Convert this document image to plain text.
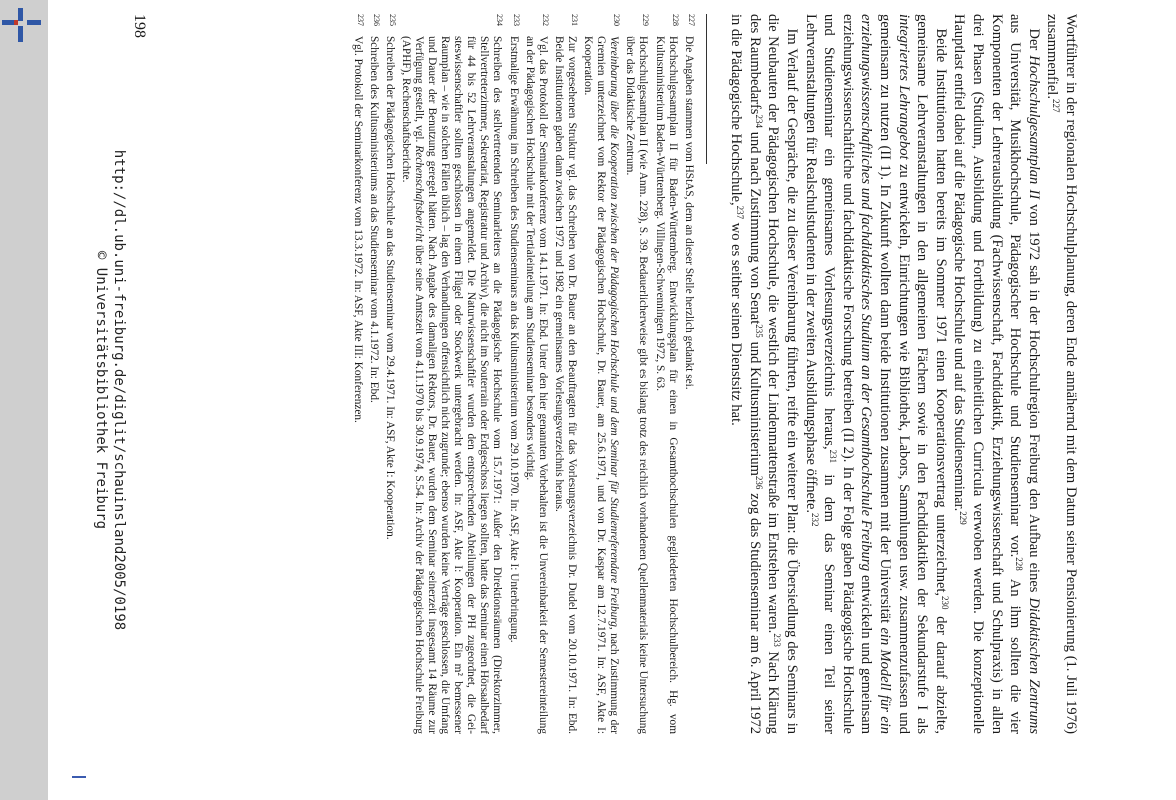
Wortführer in der regionalen Hochschulplanung, deren Ende annähernd mit dem Datum seiner Pensionierung (1. Juli 1976) zusammenfiel.$^{227}$

Der Hochschulgesamtplan II von 1972 sah in der Hochschulregion Freiburg den Aufbau eines Didaktischen Zentrums aus Universität, Musikhochschule, Pädagogischer Hochschule und Studienseminar vor.$^{228}$ An ihm sollten die vier Komponenten der Lehrerausbildung (Fachwissenschaft, Fachdidaktik, Erziehungswissenschaft und Schulpraxis) in allen drei Phasen (Studium, Ausbildung und Fortbildung) zu einheitlichen Curricula verwoben werden. Die konzeptionelle Hauptlast entfiel dabei auf die Pädagogische Hochschule und auf das Studienseminar.$^{229}$

Beide Institutionen hatten bereits im Sommer 1971 einen Kooperationsvertrag unterzeichnet,$^{230}$ der darauf abzielte, gemeinsame Lehrveranstaltungen in den allgemeinen Fächern sowie in den Fachdidaktiken der Sekundarstufe I als integriertes Lehrangebot zu entwickeln, Einrichtungen wie Bibliothek, Labors, Sammlungen usw. zusammenzufassen und gemeinsam zu nutzen (II 1). In Zukunft wollten dann beide Institutionen zusammen mit der Universität ein Modell für ein erziehungswissenschaftliches und fachdidaktisches Studium an der Gesamthochschule Freiburg entwickeln und gemeinsam erziehungswissenschaftliche und fachdidaktische Forschung betreiben (II 2). In der Folge gaben Pädagogische Hochschule und Studienseminar ein gemeinsames Vorlesungsverzeichnis heraus,$^{231}$ in dem das Seminar einen Teil seiner Lehrveranstaltungen für Realschulstudenten in der zweiten Ausbildungsphase öffnete.$^{232}$

Im Verlauf der Gespräche, die zu dieser Vereinbarung führten, reifte ein weiterer Plan: die Übersiedlung des Seminars in die Neubauten der Pädagogischen Hochschule, die westlich der Lindenmattenstraße im Entstehen waren.$^{233}$ Nach Klärung des Raumbedarfs$^{234}$ und nach Zustimmung von Senat$^{235}$ und Kultusministerium$^{236}$ zog das Studienseminar am 6. April 1972 in die Pädagogische Hochschule,$^{237}$ wo es seither seinen Dienstsitz hat.

227Die Angaben stammen vom HStAS, dem an dieser Stelle herzlich gedankt sei.

228Hochschulgesamtplan II für Baden-Württemberg. Entwicklungsplan für einen in Gesamthochschulen gegliederten Hochschulbereich. Hg. vom Kultusministerium Baden-Württemberg. Villingen-Schwenningen 1972, S. 63.

229Hochschulgesamtplan II (wie Anm. 228), S. 39. Bedauerlicherweise gibt es bislang trotz des reichlich vorhandenen Quellenmaterials keine Untersuchung über das Didaktische Zentrum.

230Vereinbarung über die Kooperation zwischen der Pädagogischen Hochschule und dem Seminar für Studienreferendare Freiburg, nach Zustimmung der Gremien unterzeichnet vom Rektor der Pädagogischen Hochschule, Dr. Bauer, am 25.6.1971, und von Dr. Kaspar am 12.7.1971. In: ASF, Akte I: Kooperation.

231Zur vorgesehenen Struktur vgl. das Schreiben von Dr. Bauer an den Beauftragten für das Vorlesungsverzeichnis Dr. Dudel vom 20.10.1971. In: Ebd. Beide Institutionen gaben dann zwischen 1972 und 1982 ein gemeinsames Vorlesungsverzeichnis heraus.

232Vgl. das Protokoll der Seminarkonferenz vom 14.1.1971. In: Ebd. Unter den hier genannten Vorbehalten ist die Unvereinbarkeit der Semestereinteilung an der Pädagogischen Hochschule mit der Tertialeinteilung am Studienseminar besonders wichtig.

233Erstmalige Erwähnung im Schreiben des Studienseminars an das Kultusministerium vom 29.10.1970. In: ASF, Akte I: Unterbringung.

234Schreiben des stellvertretenden Seminarleiters an die Pädagogische Hochschule vom 15.7.1971: Außer den Direktionsräumen (Direktorzimmer, Stellvertreterzimmer, Sekretariat, Registratur und Archiv), die nicht im Souterrain oder Erdgeschoss liegen sollten, hatte das Seminar einen Hörsaalbedarf für 44 bis 52 Lehrveranstaltungen angemeldet. Die Naturwissenschaftler wurden den entsprechenden Abteilungen der PH zugeordnet, die Geisteswissenschaftler sollten geschlossen in einem Flügel oder Stockwerk untergebracht werden. In: ASF, Akte I: Kooperation. Ein m² bemessener Raumplan – wie in solchen Fällen üblich – lag den Verhandlungen offensichtlich nicht zugrunde; ebenso wurden keine Verträge geschlossen, die Umfang und Dauer der Benutzung geregelt hätten. Nach Angabe des damaligen Rektors, Dr. Bauer, wurden dem Seminar seinerzeit insgesamt 14 Räume zur Verfügung gestellt, vgl. Rechenschaftsbericht über seine Amtszeit vom 4.11.1970 bis 30.9.1974, S.54. In: Archiv der Pädagogischen Hochschule Freiburg (APHF), Rechenschaftsberichte.

235Schreiben der Pädagogischen Hochschule an das Studienseminar vom 29.4.1971. In: ASF, Akte I: Kooperation.

236Schreiben des Kultusministeriums an das Studienseminar vom 4.1.1972. In: Ebd.

237Vgl. Protokoll der Seminarkonferenz vom 13.3.1972. In: ASF, Akte III: Konferenzen.

198
http://dl.ub.uni-freiburg.de/diglit/schauinsland2005/0198
© Universitätsbibliothek Freiburg
